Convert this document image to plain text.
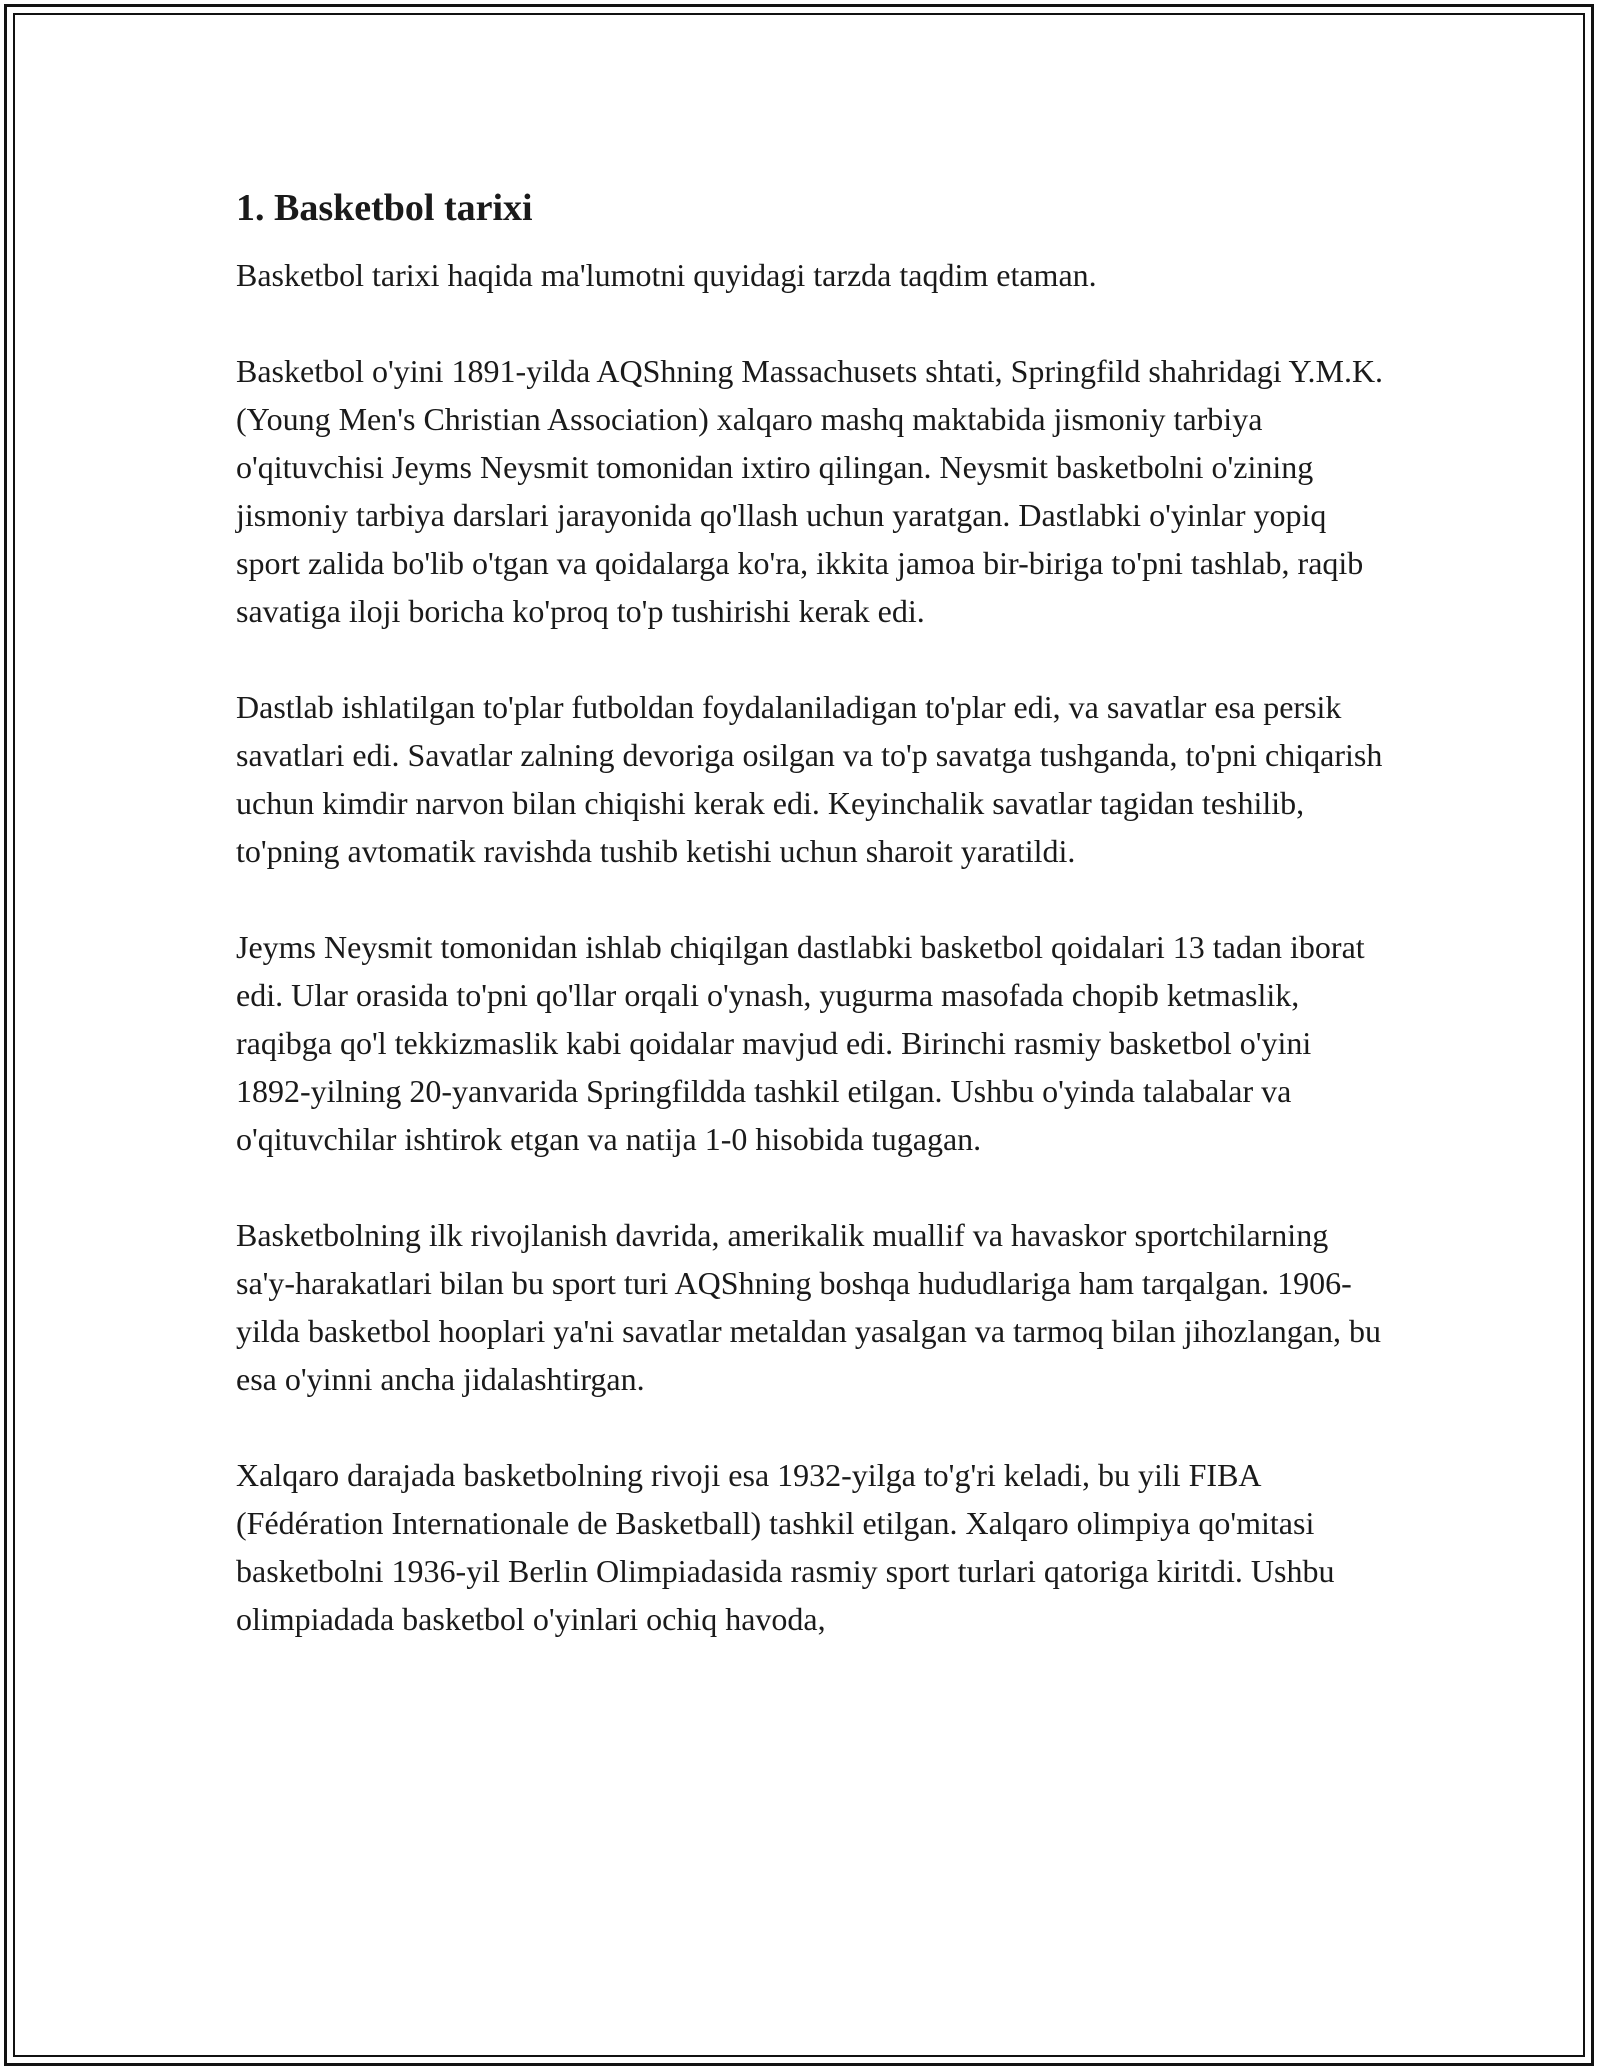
1. Basketbol tarixi

Basketbol tarixi haqida ma'lumotni quyidagi tarzda taqdim etaman.

Basketbol o'yini 1891-yilda AQShning Massachusets shtati, Springfild shahridagi Y.M.K. (Young Men's Christian Association) xalqaro mashq maktabida jismoniy tarbiya o'qituvchisi Jeyms Neysmit tomonidan ixtiro qilingan. Neysmit basketbolni o'zining jismoniy tarbiya darslari jarayonida qo'llash uchun yaratgan. Dastlabki o'yinlar yopiq sport zalida bo'lib o'tgan va qoidalarga ko'ra, ikkita jamoa bir-biriga to'pni tashlab, raqib savatiga iloji boricha ko'proq to'p tushirishi kerak edi.

Dastlab ishlatilgan to'plar futboldan foydalaniladigan to'plar edi, va savatlar esa persik savatlari edi. Savatlar zalning devoriga osilgan va to'p savatga tushganda, to'pni chiqarish uchun kimdir narvon bilan chiqishi kerak edi. Keyinchalik savatlar tagidan teshilib, to'pning avtomatik ravishda tushib ketishi uchun sharoit yaratildi.

Jeyms Neysmit tomonidan ishlab chiqilgan dastlabki basketbol qoidalari 13 tadan iborat edi. Ular orasida to'pni qo'llar orqali o'ynash, yugurma masofada chopib ketmaslik, raqibga qo'l tekkizmaslik kabi qoidalar mavjud edi. Birinchi rasmiy basketbol o'yini 1892-yilning 20-yanvarida Springfildda tashkil etilgan. Ushbu o'yinda talabalar va o'qituvchilar ishtirok etgan va natija 1-0 hisobida tugagan.

Basketbolning ilk rivojlanish davrida, amerikalik muallif va havaskor sportchilarning sa'y-harakatlari bilan bu sport turi AQShning boshqa hududlariga ham tarqalgan. 1906-yilda basketbol hooplari ya'ni savatlar metaldan yasalgan va tarmoq bilan jihozlangan, bu esa o'yinni ancha jidalashtirgan.

Xalqaro darajada basketbolning rivoji esa 1932-yilga to'g'ri keladi, bu yili FIBA (Fédération Internationale de Basketball) tashkil etilgan. Xalqaro olimpiya qo'mitasi basketbolni 1936-yil Berlin Olimpiadasida rasmiy sport turlari qatoriga kiritdi. Ushbu olimpiadada basketbol o'yinlari ochiq havoda,
